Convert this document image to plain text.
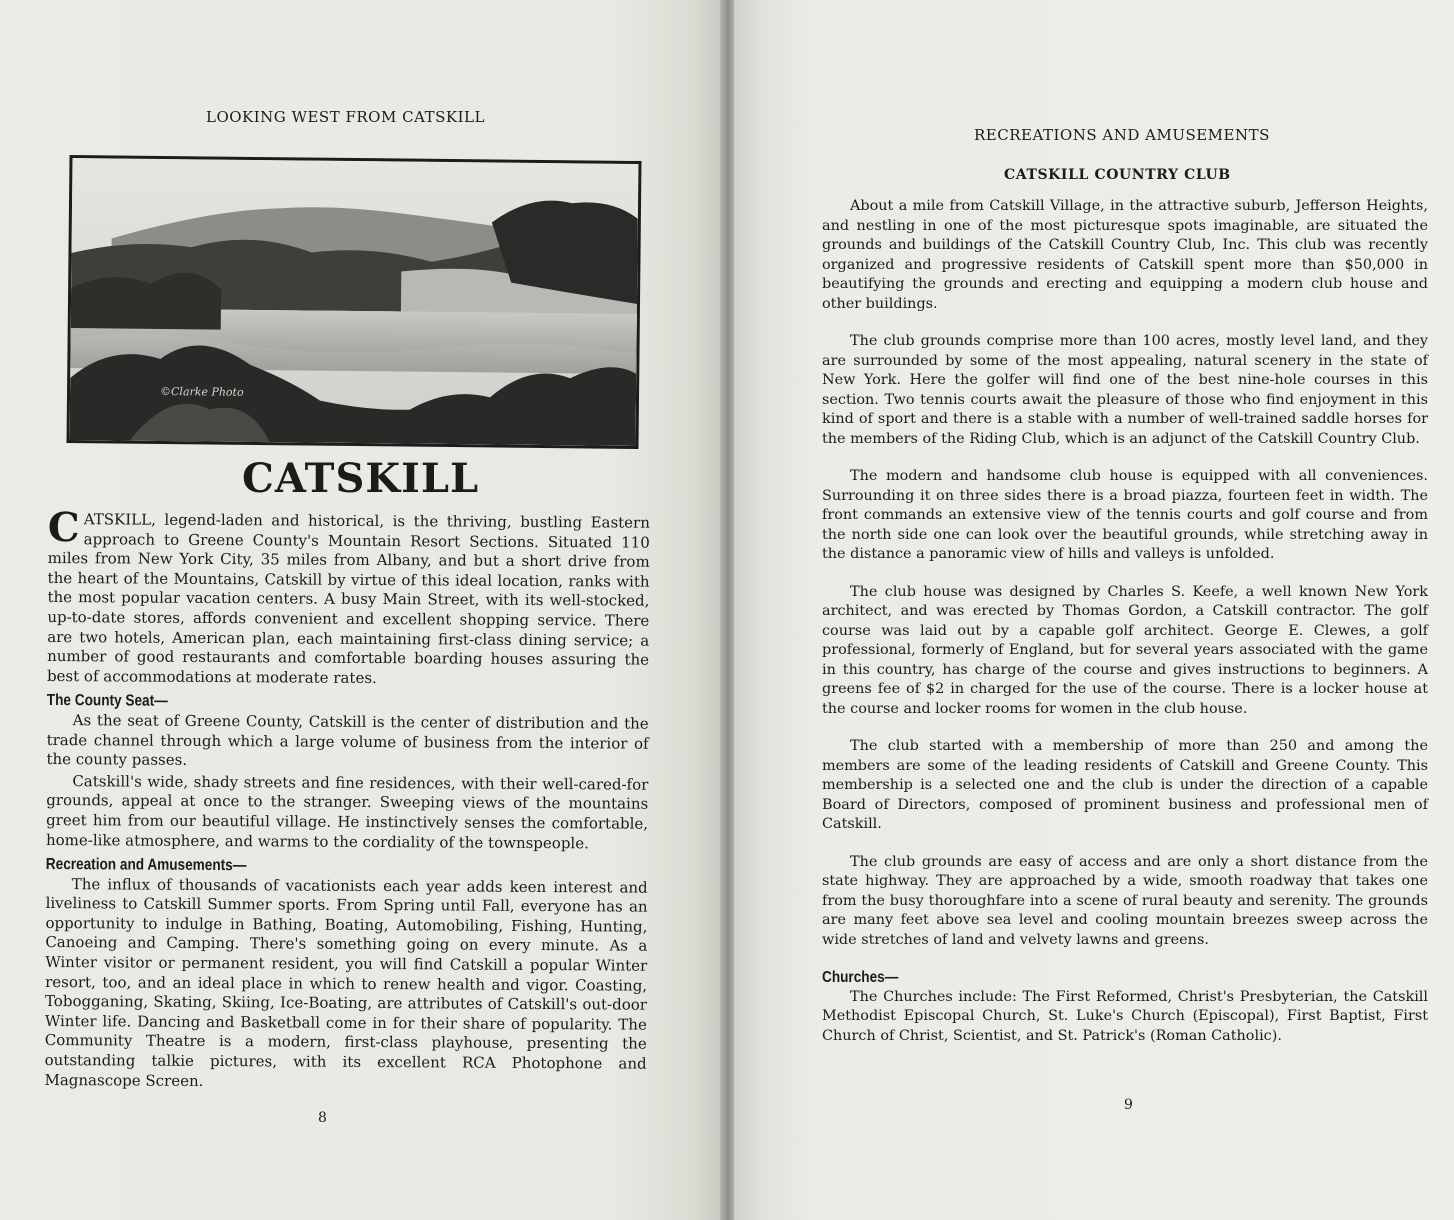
LOOKING WEST FROM CATSKILL
©Clarke Photo
CATSKILL

CATSKILL, legend-laden and historical, is the thriving, bustling Eastern approach to Greene County's Mountain Resort Sections. Situated 110 miles from New York City, 35 miles from Albany, and but a short drive from the heart of the Mountains, Catskill by virtue of this ideal location, ranks with the most popular vacation centers. A busy Main Street, with its well-stocked, up-to-date stores, affords convenient and excellent shopping service. There are two hotels, American plan, each maintaining first-class dining service; a number of good restaurants and comfortable boarding houses assuring the best of accommodations at moderate rates.

The County Seat—

As the seat of Greene County, Catskill is the center of distribution and the trade channel through which a large volume of business from the interior of the county passes.

Catskill's wide, shady streets and fine residences, with their well-cared-for grounds, appeal at once to the stranger. Sweeping views of the mountains greet him from our beautiful village. He instinctively senses the comfortable, home-like atmosphere, and warms to the cordiality of the townspeople.

Recreation and Amusements—

The influx of thousands of vacationists each year adds keen interest and liveliness to Catskill Summer sports. From Spring until Fall, everyone has an opportunity to indulge in Bathing, Boating, Automobiling, Fishing, Hunting, Canoeing and Camping. There's something going on every minute. As a Winter visitor or permanent resident, you will find Catskill a popular Winter resort, too, and an ideal place in which to renew health and vigor. Coasting, Tobogganing, Skating, Skiing, Ice-Boating, are attributes of Catskill's out-door Winter life. Dancing and Basketball come in for their share of popularity. The Community Theatre is a modern, first-class playhouse, presenting the outstanding talkie pictures, with its excellent RCA Photophone and Magnascope Screen.

8
RECREATIONS AND AMUSEMENTS
CATSKILL COUNTRY CLUB

About a mile from Catskill Village, in the attractive suburb, Jefferson Heights, and nestling in one of the most picturesque spots imaginable, are situated the grounds and buildings of the Catskill Country Club, Inc. This club was recently organized and progressive residents of Catskill spent more than $50,000 in beautifying the grounds and erecting and equipping a modern club house and other buildings.

The club grounds comprise more than 100 acres, mostly level land, and they are surrounded by some of the most appealing, natural scenery in the state of New York. Here the golfer will find one of the best nine-hole courses in this section. Two tennis courts await the pleasure of those who find enjoyment in this kind of sport and there is a stable with a number of well-trained saddle horses for the members of the Riding Club, which is an adjunct of the Catskill Country Club.

The modern and handsome club house is equipped with all conveniences. Surrounding it on three sides there is a broad piazza, fourteen feet in width. The front commands an extensive view of the tennis courts and golf course and from the north side one can look over the beautiful grounds, while stretching away in the distance a panoramic view of hills and valleys is unfolded.

The club house was designed by Charles S. Keefe, a well known New York architect, and was erected by Thomas Gordon, a Catskill contractor. The golf course was laid out by a capable golf architect. George E. Clewes, a golf professional, formerly of England, but for several years associated with the game in this country, has charge of the course and gives instructions to beginners. A greens fee of $2 in charged for the use of the course. There is a locker house at the course and locker rooms for women in the club house.

The club started with a membership of more than 250 and among the members are some of the leading residents of Catskill and Greene County. This membership is a selected one and the club is under the direction of a capable Board of Directors, composed of prominent business and professional men of Catskill.

The club grounds are easy of access and are only a short distance from the state highway. They are approached by a wide, smooth roadway that takes one from the busy thoroughfare into a scene of rural beauty and serenity. The grounds are many feet above sea level and cooling mountain breezes sweep across the wide stretches of land and velvety lawns and greens.

Churches—

The Churches include: The First Reformed, Christ's Presbyterian, the Catskill Methodist Episcopal Church, St. Luke's Church (Episcopal), First Baptist, First Church of Christ, Scientist, and St. Patrick's (Roman Catholic).

9
